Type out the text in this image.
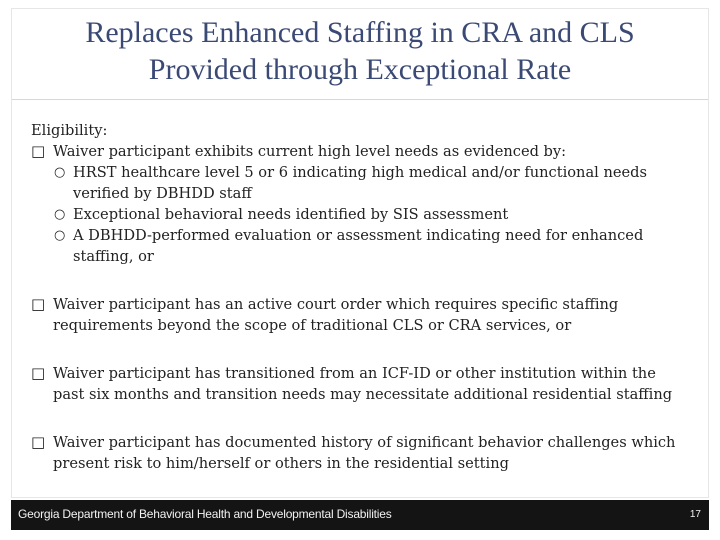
Replaces Enhanced Staffing in CRA and CLS
Provided through Exceptional Rate

Eligibility:

□ Waiver participant exhibits current high level needs as evidenced by:
○ HRST healthcare level 5 or 6 indicating high medical and/or functional needs verified by DBHDD staff
○ Exceptional behavioral needs identified by SIS assessment
○ A DBHDD-performed evaluation or assessment indicating need for enhanced staffing, or
□ Waiver participant has an active court order which requires specific staffing requirements beyond the scope of traditional CLS or CRA services, or
□ Waiver participant has transitioned from an ICF-ID or other institution within the past six months and transition needs may necessitate additional residential staffing
□ Waiver participant has documented history of significant behavior challenges which present risk to him/herself or others in the residential setting
Georgia Department of Behavioral Health and Developmental Disabilities	17
